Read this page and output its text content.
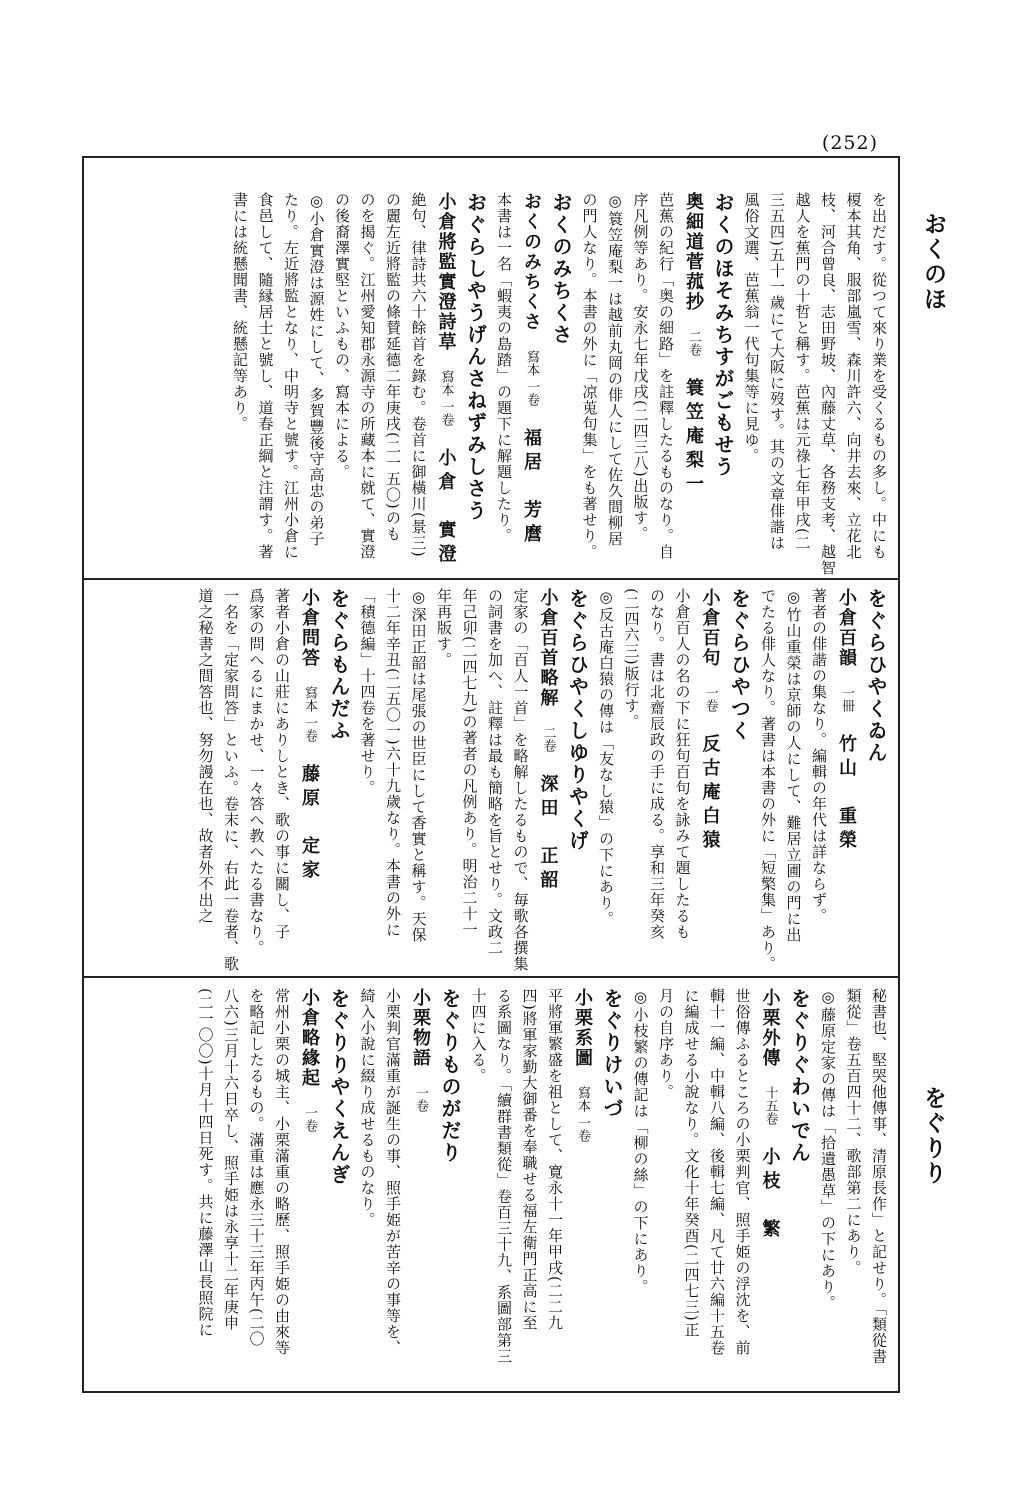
(252)
おくのほ
をぐりり
を出だす。從つて來り業を受くるもの多し。中にも
榎本其角、服部嵐雪、森川許六、向井去來、立花北
枝、河合曾良、志田野坡、內藤丈草、各務支考、越智
越人を蕉門の十哲と稱す。芭蕉は元祿七年甲戌(二
三五四)五十一歲にて大阪に歿す。其の文章俳諧は
風俗文選、芭蕉翁一代句集等に見ゆ。
おくのほそみちすがごもせう
奥細道菅菰抄二卷簑笠庵梨一
芭蕉の紀行「奥の細路」を註釋したるものなり。自
序凡例等あり。安永七年戊戌(二四三八)出版す。
◎簑笠庵梨一は越前丸岡の俳人にして佐久間柳居
の門人なり。本書の外に「凉莵句集」をも著せり。
おくのみちくさ
おくのみちくさ寫本 一卷福居　芳麿
本書は一名「蝦夷の島踏」の題下に解題したり。
おぐらしやうげんさねずみしさう
小倉將監實澄詩草寫本 一卷小倉　實澄
絶句、律詩共六十餘首を錄む。卷首に御橫川(景三)
の麗左近將監の條賛延德二年庚戌(二一五〇)のも
のを揭ぐ。江州愛知郡永源寺の所藏本に就て、實澄
の後裔澤實堅といふもの、寫本による。
◎小倉實澄は源姓にして、多賀豐後守高忠の弟子
たり。左近將監となり、中明寺と號す。江州小倉に
食邑して、隨縁居士と號し、道春正綱と注謂す。著
書には統懸聞書、統懸記等あり。
をぐらひやくゐん
小倉百韻一冊竹山　重榮
著者の俳諧の集なり。編輯の年代は詳ならず。
◎竹山重榮は京師の人にして、難居立圃の門に出
でたる俳人なり。著書は本書の外に「短檠集」あり。
をぐらひやつく
小倉百句一卷反古庵白猿
小倉百人の名の下に狂句百句を詠みて題したるも
のなり。書は北齋辰政の手に成る。享和三年癸亥
(二四六三)版行す。
◎反古庵白猿の傳は「友なし猿」の下にあり。
をぐらひやくしゆりやくげ
小倉百首略解二卷深田　正韶
定家の「百人一首」を略解したるもので、毎歌各撰集
の詞書を加へ、註釋は最も簡略を旨とせり。文政二
年己卯(二四七九)の著者の凡例あり。明治二十一
年再版す。
◎深田正韶は尾張の世臣にして香實と稱す。天保
十二年辛丑(二五〇一)六十九歲なり。本書の外に
「積德編」十四卷を著せり。
をぐらもんだふ
小倉問答寫本 一卷藤原　定家
著者小倉の山莊にありしとき、歌の事に關し、子
爲家の問へるにまかせ、一々答へ教へたる書なり。
一名を「定家問答」といふ。卷末に、右此一卷者、歌
道之秘書之間答也、努勿謾在也、故者外不出之
秘書也、堅哭他傳事、清原長作」と記せり。「類從書
類從」卷五百四十二、歌部第二にあり。
◎藤原定家の傳は「拾遺愚草」の下にあり。
をぐりぐわいでん
小栗外傳十五卷小枝　繁
世俗傳ふるところの小栗判官、照手姫の浮沈を、前
輯十一編、中輯八編、後輯七編、凡て廿六編十五卷
に編成せる小說なり。文化十年癸酉(二四七三)正
月の自序あり。
◎小枝繁の傳記は「柳の絲」の下にあり。
をぐりけいづ
小栗系圖寫本 一卷
平將軍繁盛を祖として、寛永十一年甲戌(二二九
四)將軍家勤大御番を奉職せる福左衛門正高に至
る系圖なり。「續群書類從」卷百三十九、系圖部第三
十四に入る。
をぐりものがだり
小栗物語一卷
小栗判官滿重が誕生の事、照手姫が苦辛の事等を、
綺入小說に綴り成せるものなり。
をぐりりやくえんぎ
小倉略緣起一卷
常州小栗の城主、小栗滿重の略歷、照手姫の由來等
を略記したるもの。滿重は應永三十三年丙午(二〇
八六)三月十六日卒し、照手姫は永享十二年庚申
(二一〇〇)十月十四日死す。共に藤澤山長照院に
